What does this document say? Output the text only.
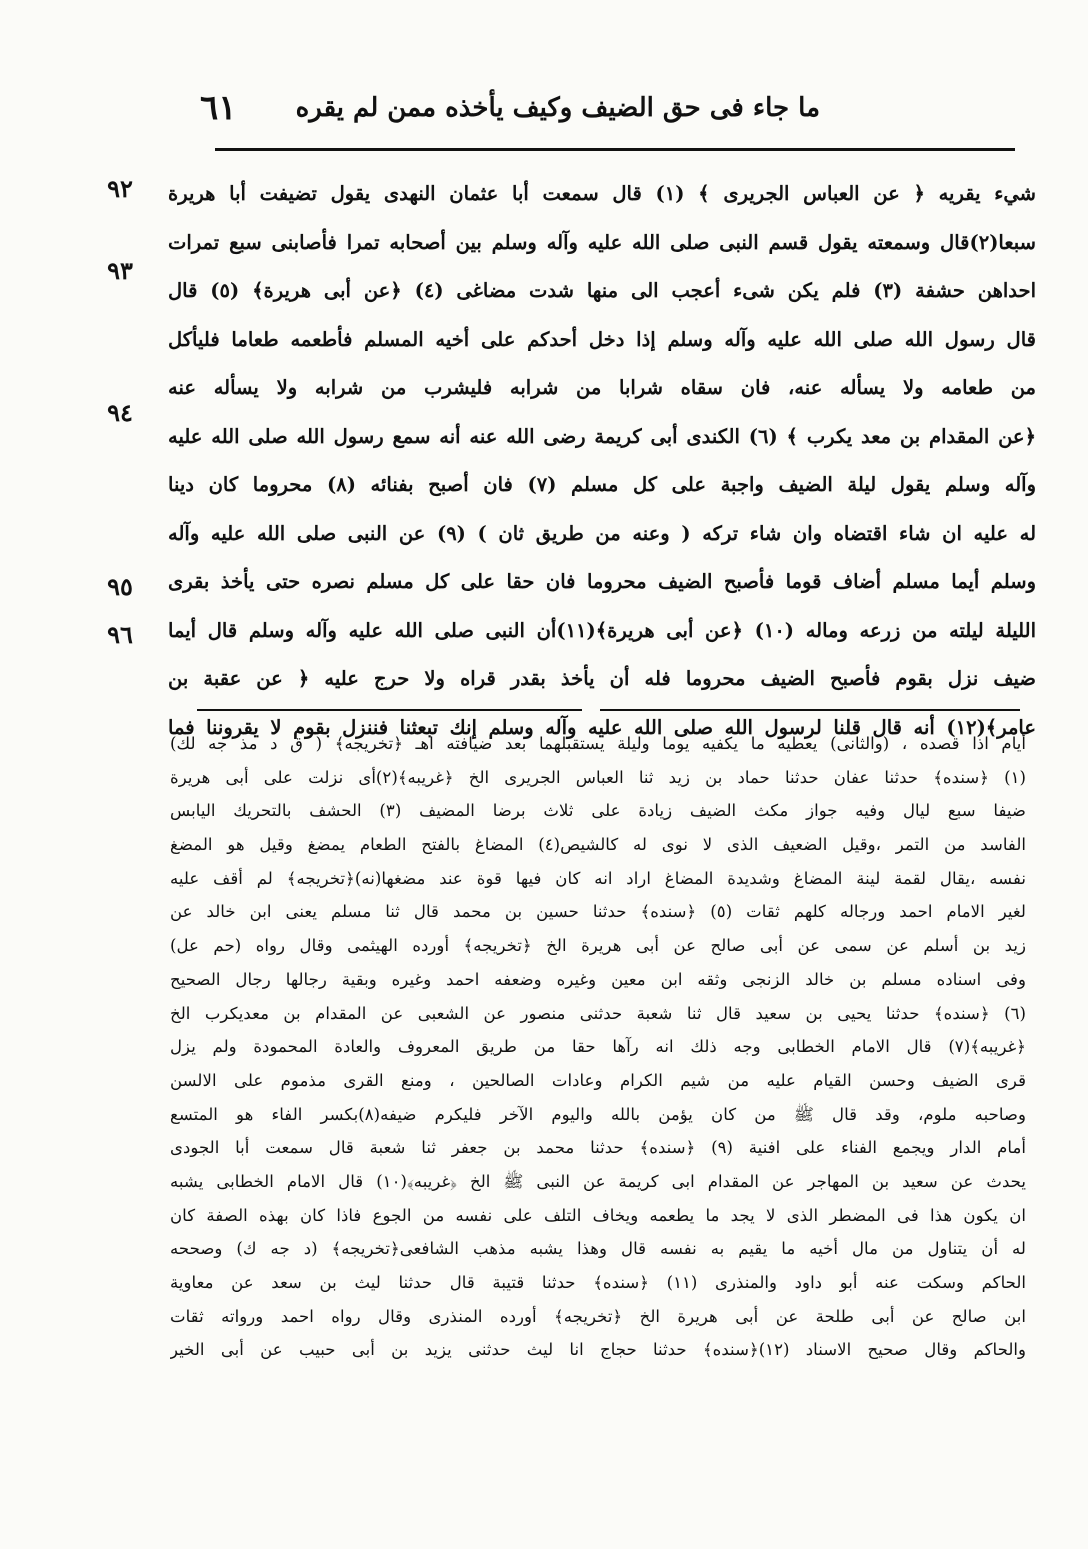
٦١ ما جاء فى حق الضيف وكيف يأخذه ممن لم يقره
٩٢
٩٣
٩٤
٩٥
٩٦
شيء يقريه ﴿ عن العباس الجريرى ﴾ (١) قال سمعت أبا عثمان النهدى يقول تضيفت أبا هريرة
سبعا(٢)قال وسمعته يقول قسم النبى صلى الله عليه وآله وسلم بين أصحابه تمرا فأصابنى سبع تمرات
احداهن حشفة (٣) فلم يكن شىء أعجب الى منها شدت مضاغى (٤) ﴿عن أبى هريرة﴾ (٥) قال
قال رسول الله صلى الله عليه وآله وسلم إذا دخل أحدكم على أخيه المسلم فأطعمه طعاما فليأكل
من طعامه ولا يسأله عنه، فان سقاه شرابا من شرابه فليشرب من شرابه ولا يسأله عنه
﴿عن المقدام بن معد يكرب ﴾ (٦) الكندى أبى كريمة رضى الله عنه أنه سمع رسول الله صلى الله عليه
وآله وسلم يقول ليلة الضيف واجبة على كل مسلم (٧) فان أصبح بفنائه (٨) محروما كان دينا
له عليه ان شاء اقتضاه وان شاء تركه ( وعنه من طريق ثان ) (٩) عن النبى صلى الله عليه وآله
وسلم أيما مسلم أضاف قوما فأصبح الضيف محروما فان حقا على كل مسلم نصره حتى يأخذ بقرى
الليلة ليلته من زرعه وماله (١٠) ﴿عن أبى هريرة﴾(١١)أن النبى صلى الله عليه وآله وسلم قال أيما
ضيف نزل بقوم فأصبح الضيف محروما فله أن يأخذ بقدر قراه ولا حرج عليه ﴿ عن عقبة بن
عامر﴾(١٢) أنه قال قلنا لرسول الله صلى الله عليه وآله وسلم إنك تبعثنا فننزل بقوم لا يقروننا فما
أيام اذا قصده ، (والثانى) يعطيه ما يكفيه يوما وليلة يستقبلهما بعد ضيافته اهـ ﴿تخريجه﴾ ( ق د مذ جه لك)
(١) ﴿سنده﴾ حدثنا عفان حدثنا حماد بن زيد ثنا العباس الجريرى الخ ﴿غريبه﴾(٢)أى نزلت على أبى هريرة
ضيفا سبع ليال وفيه جواز مكث الضيف زيادة على ثلاث برضا المضيف (٣) الحشف بالتحريك اليابس
الفاسد من التمر ،وقيل الضعيف الذى لا نوى له كالشيص(٤) المضاغ بالفتح الطعام يمضغ وقيل هو المضغ
نفسه ،يقال لقمة لينة المضاغ وشديدة المضاغ اراد انه كان فيها قوة عند مضغها(نه)﴿تخريجه﴾ لم أقف عليه
لغير الامام احمد ورجاله كلهم ثقات (٥) ﴿سنده﴾ حدثنا حسين بن محمد قال ثنا مسلم يعنى ابن خالد عن
زيد بن أسلم عن سمى عن أبى صالح عن أبى هريرة الخ ﴿تخريجه﴾ أورده الهيثمى وقال رواه (حم عل)
وفى اسناده مسلم بن خالد الزنجى وثقه ابن معين وغيره وضعفه احمد وغيره وبقية رجالها رجال الصحيح
(٦) ﴿سنده﴾ حدثنا يحيى بن سعيد قال ثنا شعبة حدثنى منصور عن الشعبى عن المقدام بن معديكرب الخ
﴿غريبه﴾(٧) قال الامام الخطابى وجه ذلك انه رآها حقا من طريق المعروف والعادة المحمودة ولم يزل
قرى الضيف وحسن القيام عليه من شيم الكرام وعادات الصالحين ، ومنع القرى مذموم على الالسن
وصاحبه ملوم، وقد قال ﷺ من كان يؤمن بالله واليوم الآخر فليكرم ضيفه(٨)بكسر الفاء هو المتسع
أمام الدار ويجمع الفناء على افنية (٩) ﴿سنده﴾ حدثنا محمد بن جعفر ثنا شعبة قال سمعت أبا الجودى
يحدث عن سعيد بن المهاجر عن المقدام ابى كريمة عن النبى ﷺ الخ ﴿غريبه﴾(١٠) قال الامام الخطابى يشبه
ان يكون هذا فى المضطر الذى لا يجد ما يطعمه ويخاف التلف على نفسه من الجوع فاذا كان بهذه الصفة كان
له أن يتناول من مال أخيه ما يقيم به نفسه قال وهذا يشبه مذهب الشافعى﴿تخريجه﴾ (د جه ك) وصححه
الحاكم وسكت عنه أبو داود والمنذرى (١١) ﴿سنده﴾ حدثنا قتيبة قال حدثنا ليث بن سعد عن معاوية
ابن صالح عن أبى طلحة عن أبى هريرة الخ ﴿تخريجه﴾ أورده المنذرى وقال رواه احمد ورواته ثقات
والحاكم وقال صحيح الاسناد (١٢)﴿سنده﴾ حدثنا حجاج انا ليث حدثنى يزيد بن أبى حبيب عن أبى الخير
